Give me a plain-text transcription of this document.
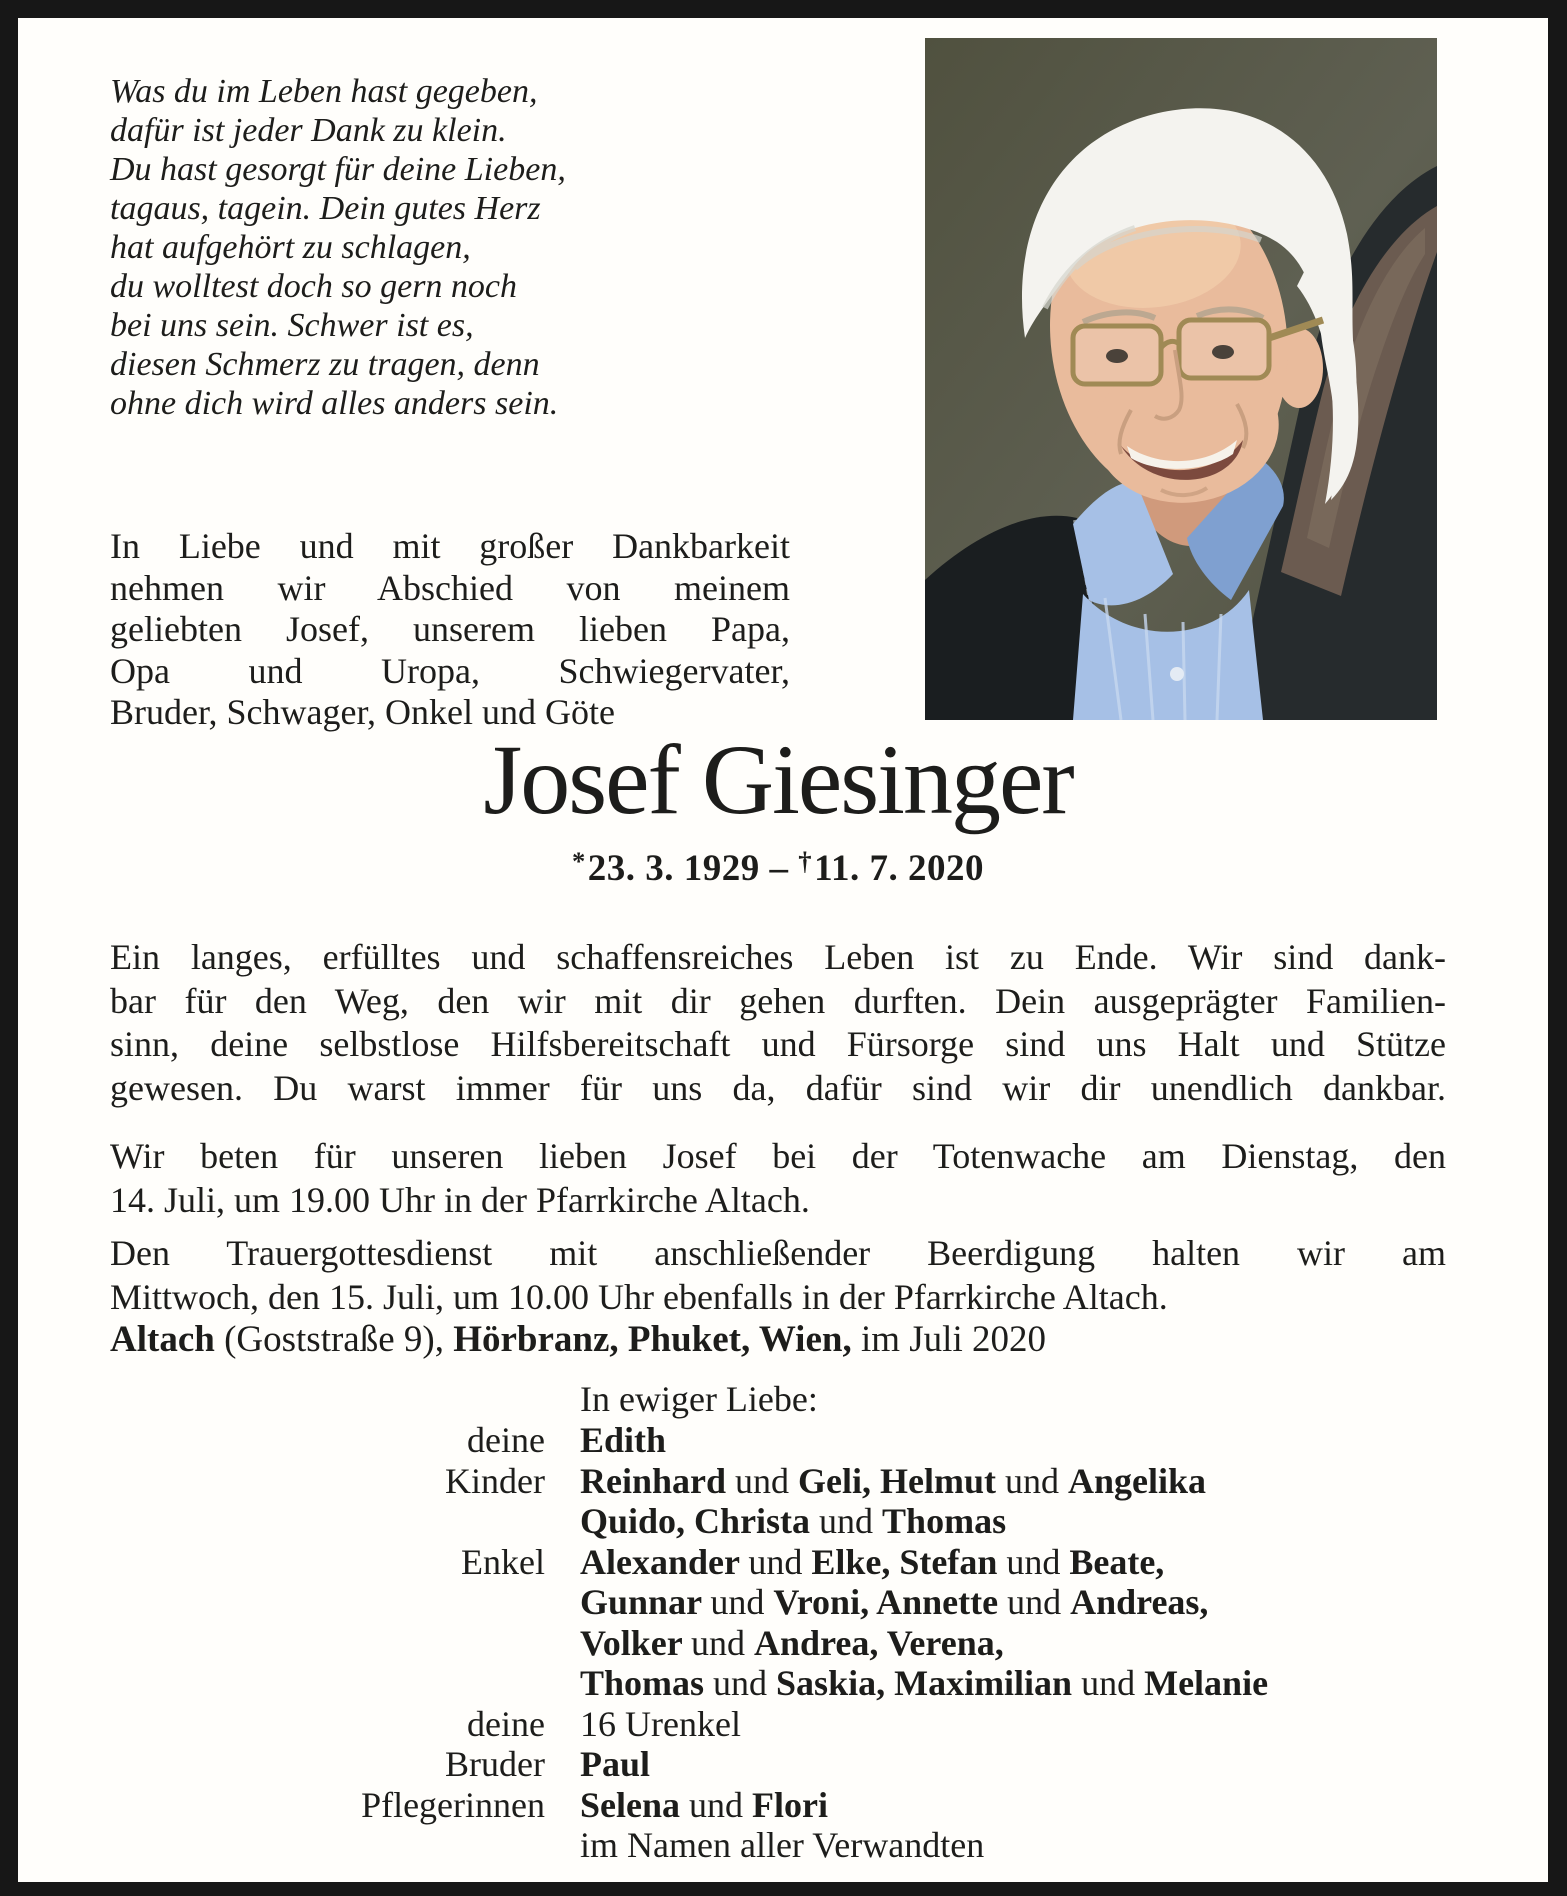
Was du im Leben hast gegeben,
dafür ist jeder Dank zu klein.
Du hast gesorgt für deine Lieben,
tagaus, tagein. Dein gutes Herz
hat aufgehört zu schlagen,
du wolltest doch so gern noch
bei uns sein. Schwer ist es,
diesen Schmerz zu tragen, denn
ohne dich wird alles anders sein.
In Liebe und mit großer Dankbarkeit
nehmen wir Abschied von meinem
geliebten Josef, unserem lieben Papa,
Opa und Uropa, Schwiegervater,
Bruder, Schwager, Onkel und Göte
Josef Giesinger
*23. 3. 1929 – †11. 7. 2020
Ein langes, erfülltes und schaffensreiches Leben ist zu Ende. Wir sind dank-
bar für den Weg, den wir mit dir gehen durften. Dein ausgeprägter Familien-
sinn, deine selbstlose Hilfsbereitschaft und Fürsorge sind uns Halt und Stütze
gewesen. Du warst immer für uns da, dafür sind wir dir unendlich dankbar.
Wir beten für unseren lieben Josef bei der Totenwache am Dienstag, den
14. Juli, um 19.00 Uhr in der Pfarrkirche Altach.
Den Trauergottesdienst mit anschließender Beerdigung halten wir am
Mittwoch, den 15. Juli, um 10.00 Uhr ebenfalls in der Pfarrkirche Altach.
Altach (Goststraße 9), Hörbranz, Phuket, Wien, im Juli 2020
In ewiger Liebe:
deine Edith
Kinder Reinhard und Geli, Helmut und Angelika
Quido, Christa und Thomas
Enkel Alexander und Elke, Stefan und Beate,
Gunnar und Vroni, Annette und Andreas,
Volker und Andrea, Verena,
Thomas und Saskia, Maximilian und Melanie
deine 16 Urenkel
Bruder Paul
Pflegerinnen Selena und Flori
im Namen aller Verwandten
